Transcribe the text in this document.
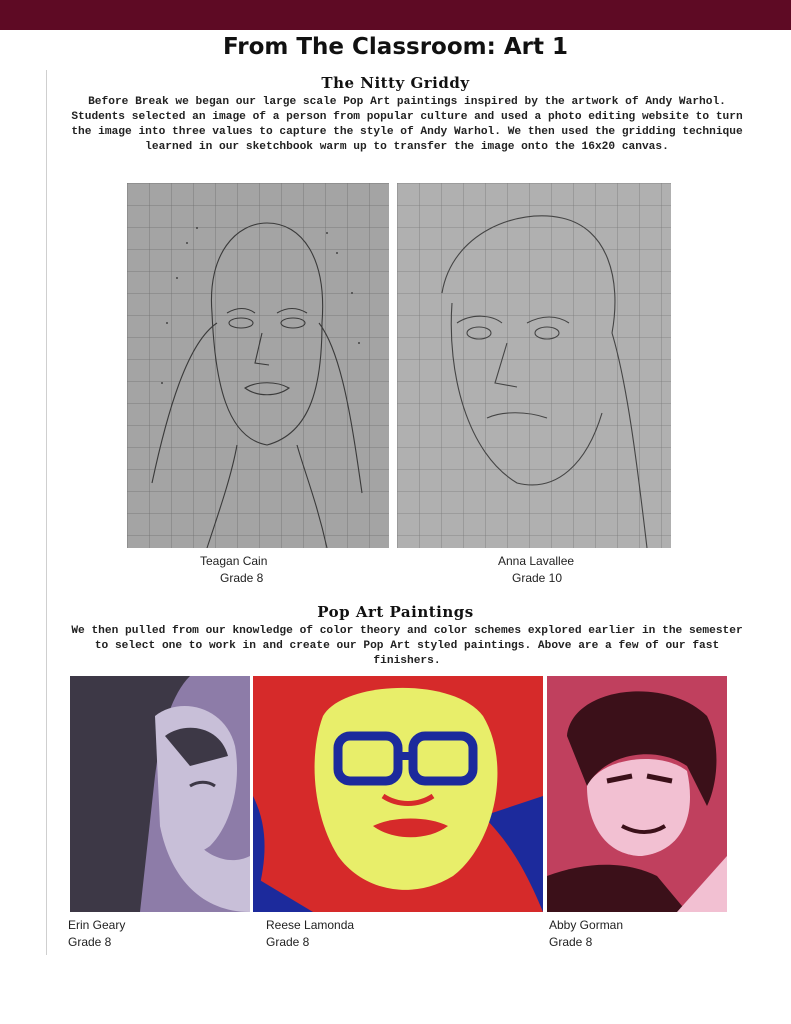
From The Classroom: Art 1
The Nitty Griddy

Before Break we began our large scale Pop Art paintings inspired by the artwork of Andy Warhol. Students selected an image of a person from popular culture and used a photo editing website to turn the image into three values to capture the style of Andy Warhol. We then used the gridding technique learned in our sketchbook warm up to transfer the image onto the 16x20 canvas.

Teagan Cain
Grade 8
Anna Lavallee
Grade 10
Pop Art Paintings

We then pulled from our knowledge of color theory and color schemes explored earlier in the semester to select one to work in and create our Pop Art styled paintings. Above are a few of our fast finishers.

Erin Geary
Grade 8
Reese Lamonda
Grade 8
Abby Gorman
Grade 8
